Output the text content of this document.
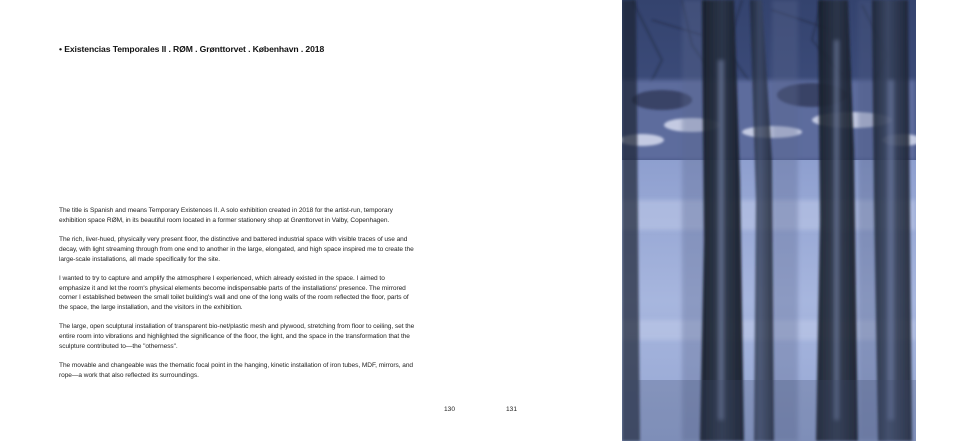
• Existencias Temporales II . RØM . Grønttorvet . København . 2018

The title is Spanish and means Temporary Existences II. A solo exhibition created in 2018 for the artist-run, temporary exhibition space RØM, in its beautiful room located in a former stationery shop at Grønttorvet in Valby, Copenhagen.

The rich, liver-hued, physically very present floor, the distinctive and battered industrial space with visible traces of use and decay, with light streaming through from one end to another in the large, elongated, and high space inspired me to create the large-scale installations, all made specifically for the site.

I wanted to try to capture and amplify the atmosphere I experienced, which already existed in the space. I aimed to emphasize it and let the room's physical elements become indispensable parts of the installations' presence. The mirrored corner I established between the small toilet building's wall and one of the long walls of the room reflected the floor, parts of the space, the large installation, and the visitors in the exhibition.

The large, open sculptural installation of transparent bio-net/plastic mesh and plywood, stretching from floor to ceiling, set the entire room into vibrations and highlighted the significance of the floor, the light, and the space in the transformation that the sculpture contributed to—the "otherness".

The movable and changeable was the thematic focal point in the hanging, kinetic installation of iron tubes, MDF, mirrors, and rope—a work that also reflected its surroundings.

130	131
